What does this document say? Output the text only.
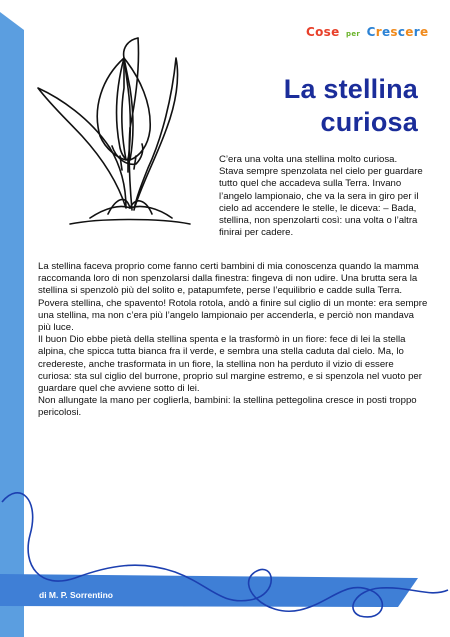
Cose per Crescere
La stellina
curiosa
C’era una volta una stellina molto curiosa. Stava sempre spenzolata nel cielo per guardare tutto quel che accadeva sulla Terra. Invano l’angelo lampionaio, che va la sera in giro per il cielo ad accendere le stelle, le diceva: – Bada, stellina, non spenzolarti così: una volta o l’altra finirai per cadere.

La stellina faceva proprio come fanno certi bambini di mia conoscenza quando la mamma raccomanda loro di non spenzolarsi dalla finestra: fingeva di non udire. Una brutta sera la stellina si spenzolò più del solito e, patapumfete, perse l’equilibrio e cadde sulla Terra.

Povera stellina, che spavento! Rotola rotola, andò a finire sul ciglio di un monte: era sempre una stellina, ma non c’era più l’angelo lampionaio per accenderla, e perciò non mandava più luce.

Il buon Dio ebbe pietà della stellina spenta e la trasformò in un fiore: fece di lei la stella alpina, che spicca tutta bianca fra il verde, e sembra una stella caduta dal cielo. Ma, lo credereste, anche trasformata in un fiore, la stellina non ha perduto il vizio di essere curiosa: sta sul ciglio del burrone, proprio sul margine estremo, e si spenzola nel vuoto per guardare quel che avviene sotto di lei.

Non allungate la mano per coglierla, bambini: la stellina pettegolina cresce in posti troppo pericolosi.

di M. P. Sorrentino
